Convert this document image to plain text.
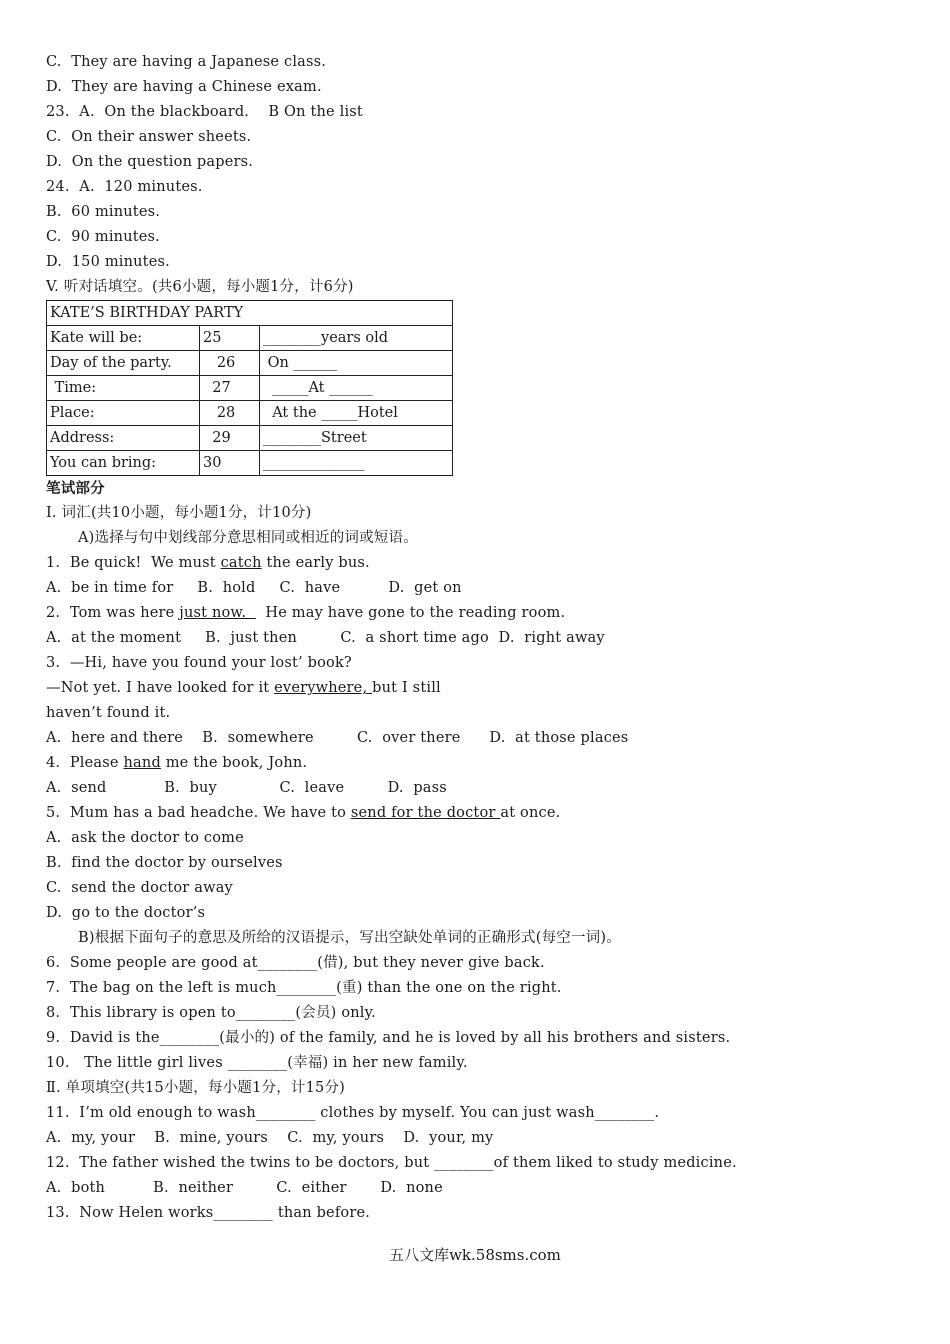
C.  They are having a Japanese class.
D.  They are having a Chinese exam.
23.  A.  On the blackboard.    B On the list
C.  On their answer sheets.
D.  On the question papers.
24.  A.  120 minutes.
B.  60 minutes.
C.  90 minutes.
D.  150 minutes.
V. 听对话填空。(共6小题，每小题1分，计6分)
KATE’S BIRTHDAY PARTY		
Kate will be:	25	________years old
Day of the party.	26	On ______
Time:	27	_____At ______
Place:	28	At the _____Hotel
Address:	29	________Street
You can bring:	30	______________
笔试部分
I. 词汇(共10小题，每小题1分，计10分)
A)选择与句中划线部分意思相同或相近的词或短语。
1.  Be quick!  We must catch the early bus.
A.  be in time for     B.  hold     C.  have          D.  get on
2.  Tom was here just now.    He may have gone to the reading room.
A.  at the moment     B.  just then         C.  a short time ago  D.  right away
3.  —Hi, have you found your lost’ book?
—Not yet. I have looked for it everywhere, but I still
haven’t found it.
A.  here and there    B.  somewhere         C.  over there      D.  at those places
4.  Please hand me the book, John.
A.  send            B.  buy             C.  leave         D.  pass
5.  Mum has a bad headche. We have to send for the doctor at once.
A.  ask the doctor to come
B.  find the doctor by ourselves
C.  send the doctor away
D.  go to the doctor’s
B)根据下面句子的意思及所给的汉语提示，写出空缺处单词的正确形式(每空一词)。
6.  Some people are good at________(借), but they never give back.
7.  The bag on the left is much________(重) than the one on the right.
8.  This library is open to________(会员) only.
9.  David is the________(最小的) of the family, and he is loved by all his brothers and sisters.
10.   The little girl lives ________(幸福) in her new family.
Ⅱ. 单项填空(共15小题，每小题1分，计15分)
11.  I’m old enough to wash________ clothes by myself. You can just wash________.
A.  my, your    B.  mine, yours    C.  my, yours    D.  your, my
12.  The father wished the twins to be doctors, but ________of them liked to study medicine.
A.  both          B.  neither         C.  either       D.  none
13.  Now Helen works________ than before.
五八文库wk.58sms.com
